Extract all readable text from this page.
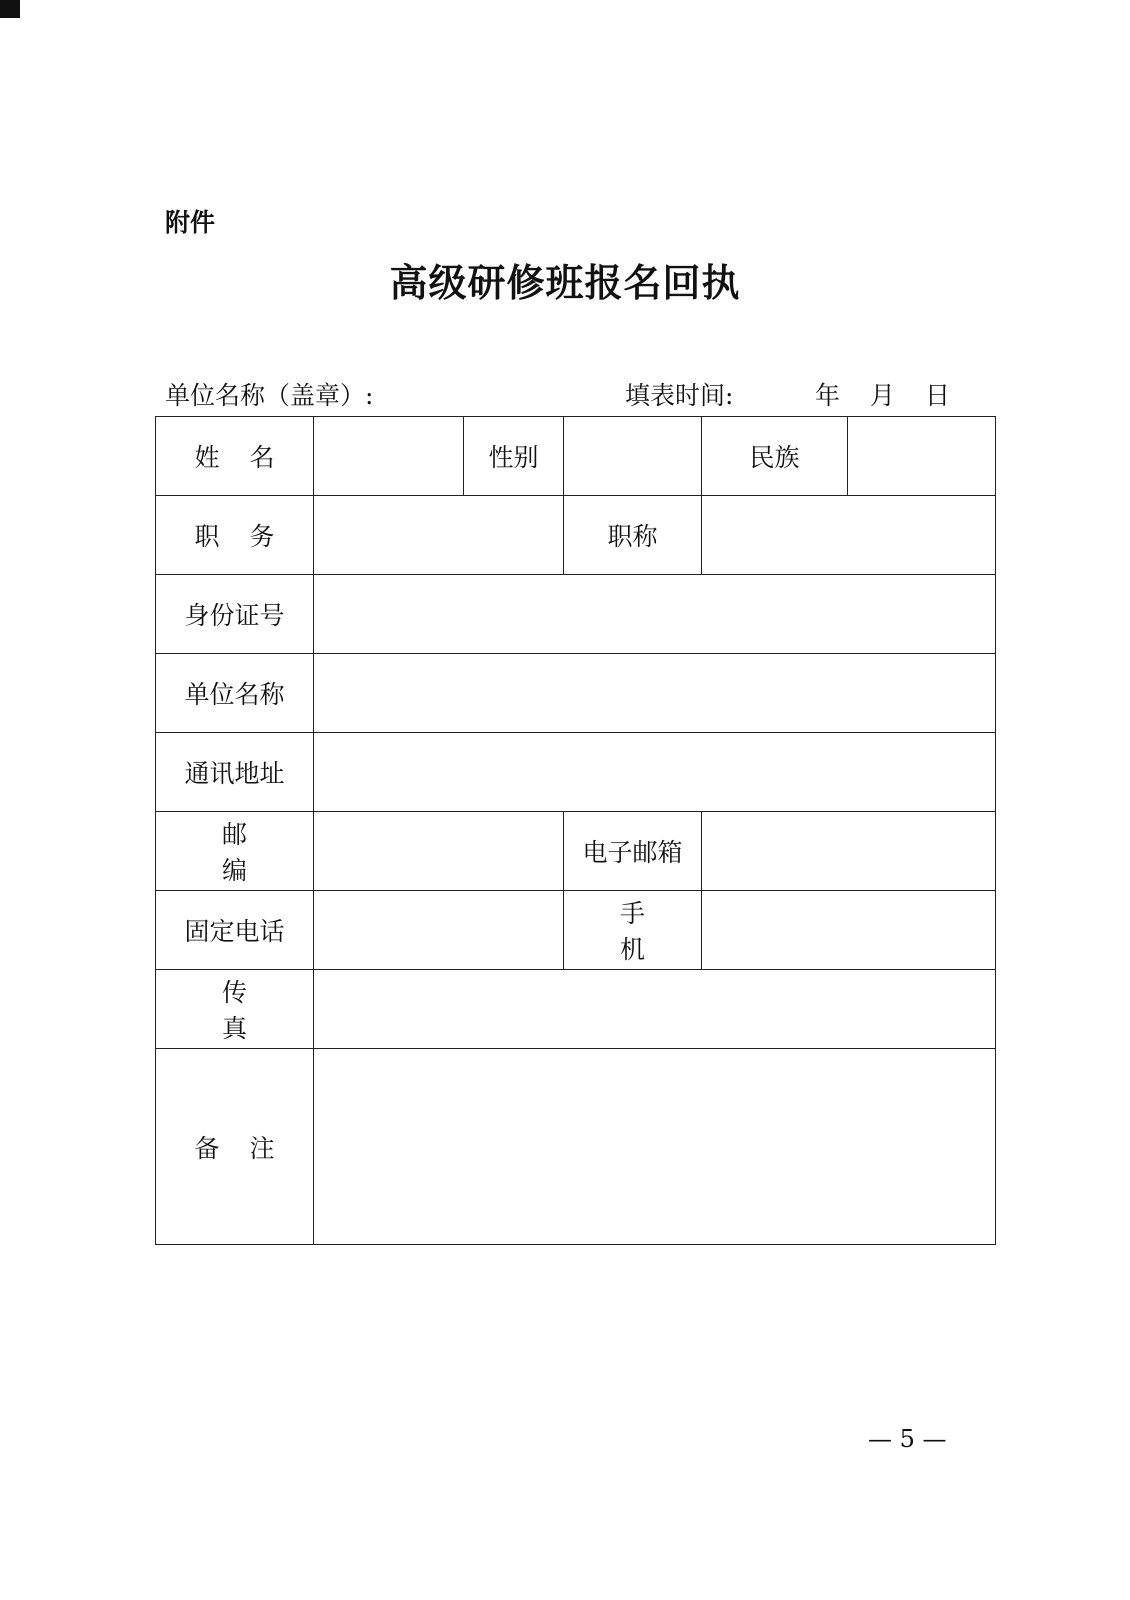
附件
高级研修班报名回执
单位名称（盖章）:	填表时间:	年 月 日
姓名		性别		民族	
职务			职称		
身份证号					
单位名称					
通讯地址					
邮编			电子邮箱		
固定电话			手机		
传真					
备注					
— 5 —
